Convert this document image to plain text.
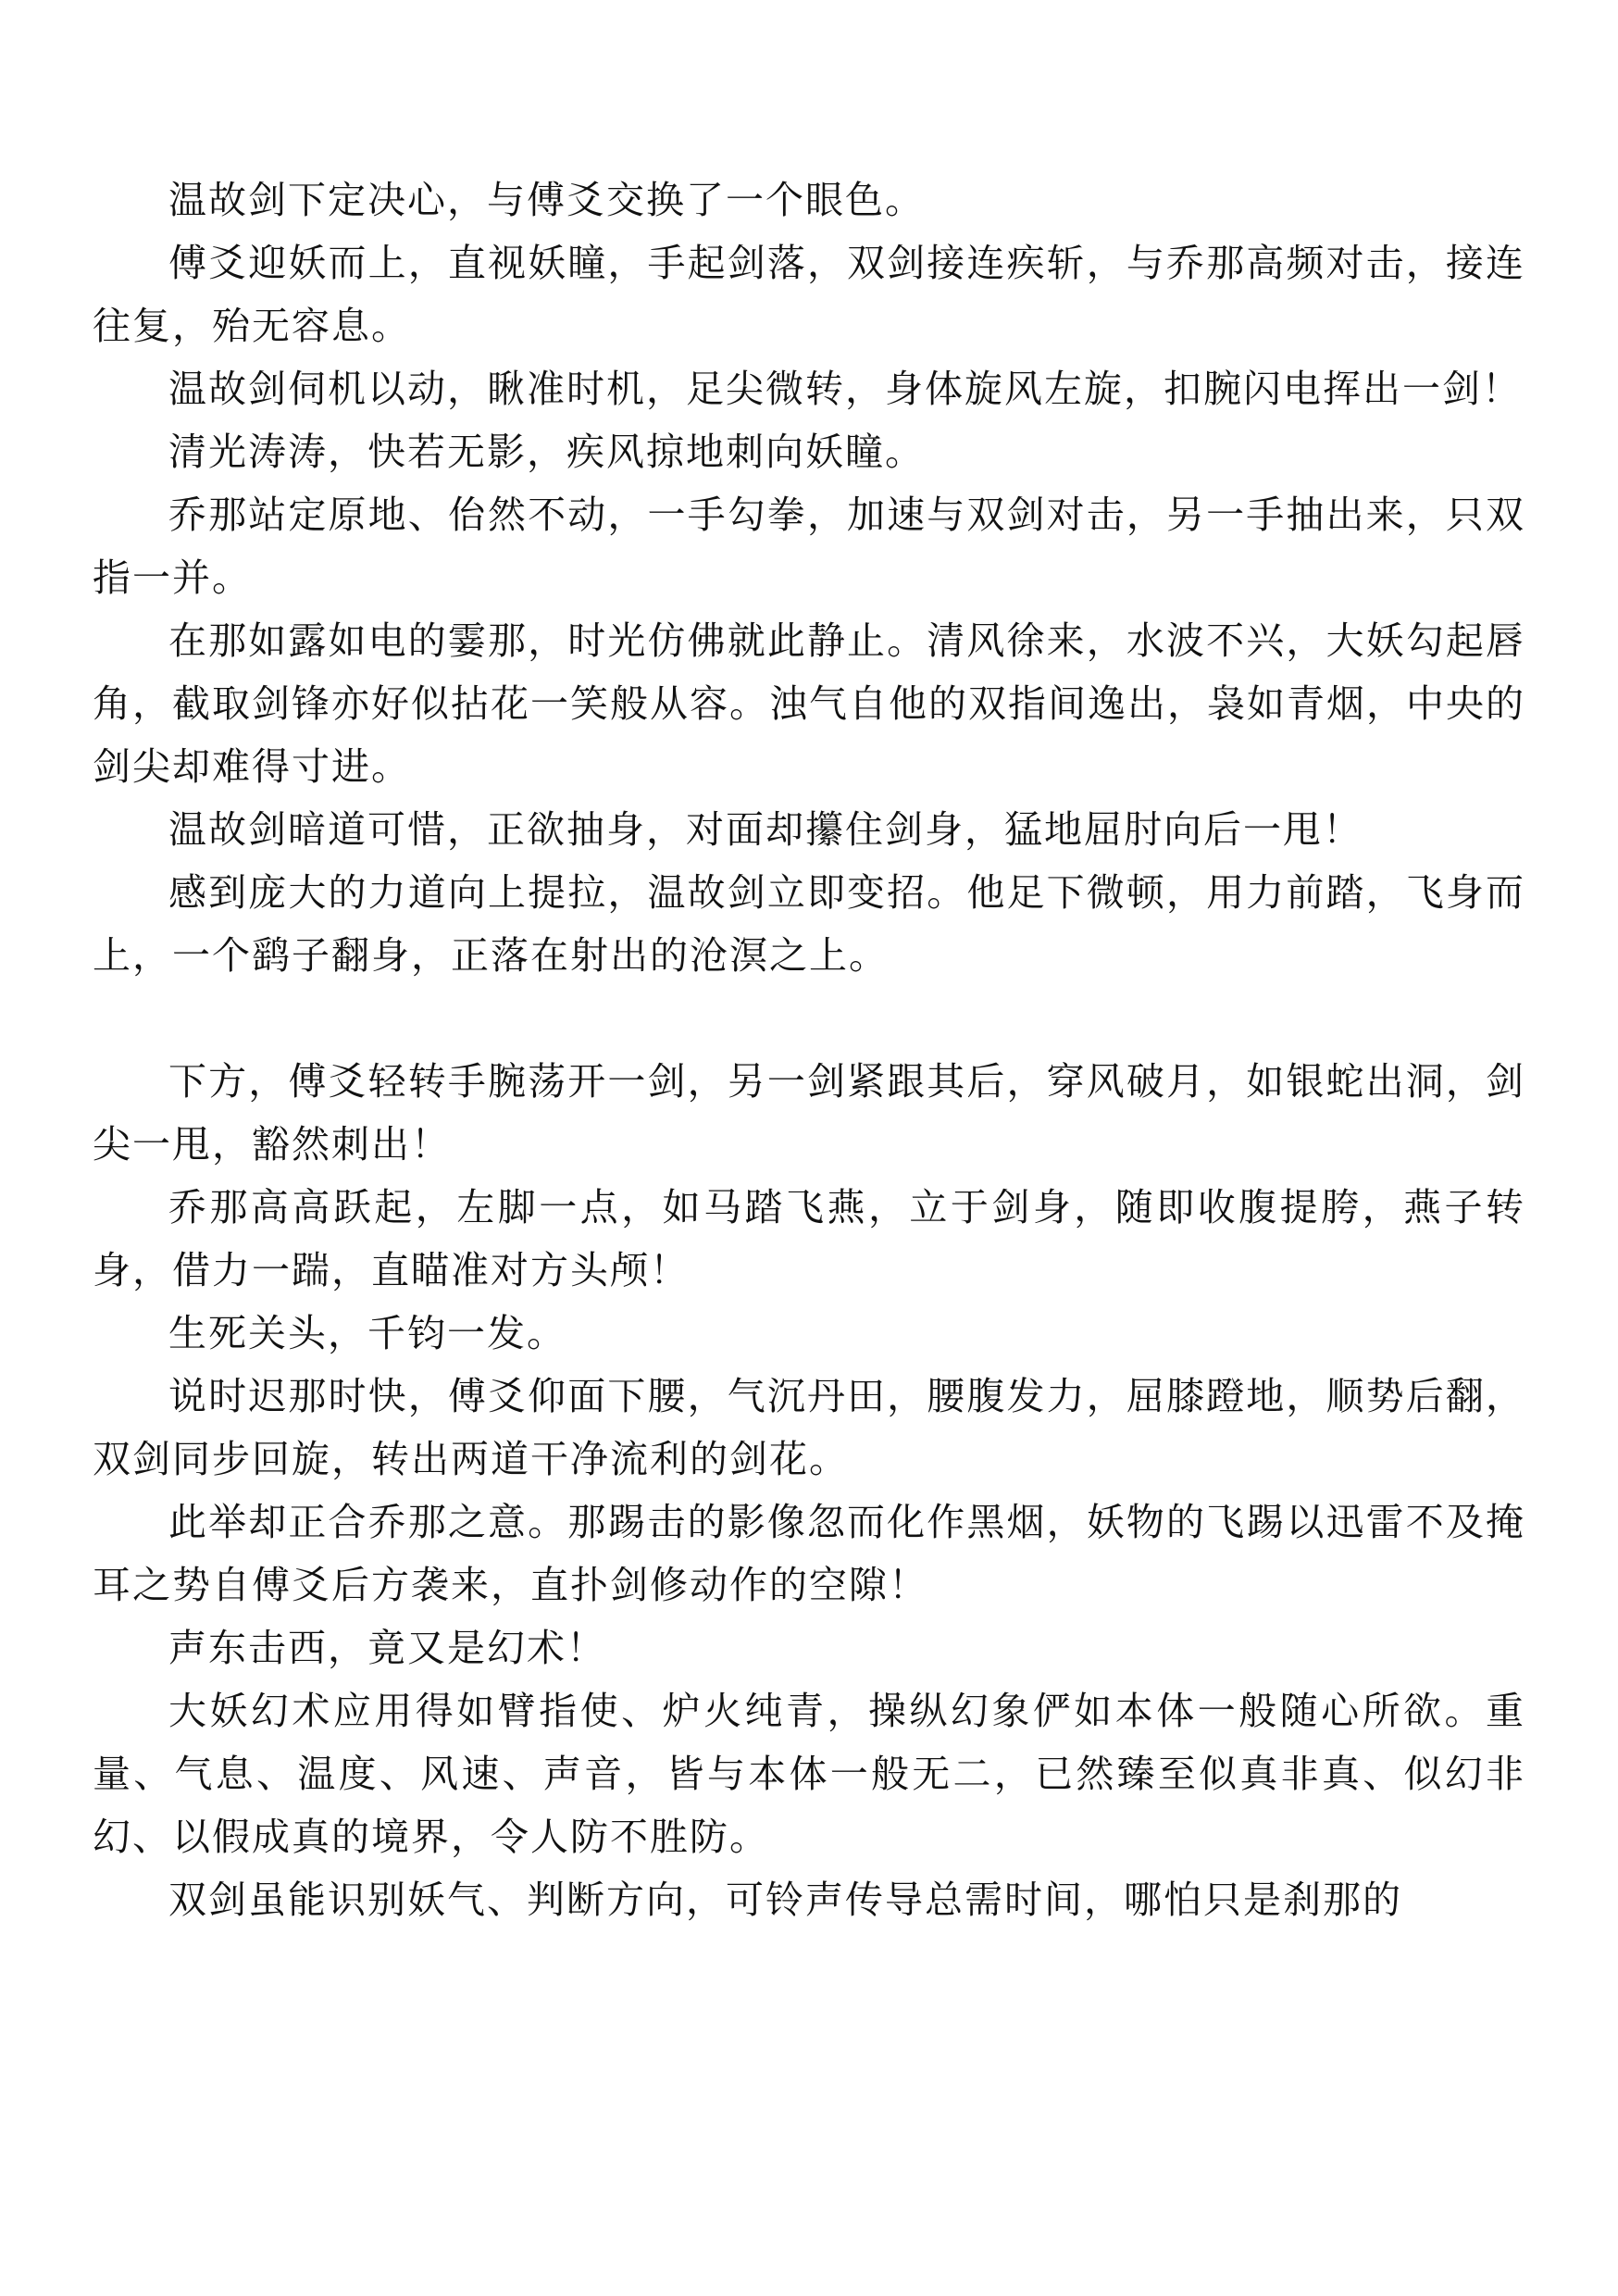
温故剑下定决心，与傅爻交换了一个眼色。

傅爻迎妖而上，直视妖瞳，手起剑落，双剑接连疾斩，与乔那高频对击，接连往复，殆无容息。

温故剑伺机以动，瞅准时机，足尖微转，身体旋风左旋，扣腕闪电挥出一剑！

清光涛涛，快若无影，疾风掠地刺向妖瞳。

乔那站定原地、佁然不动，一手勾拳，加速与双剑对击，另一手抽出来，只双指一并。

在那如露如电的霎那，时光仿佛就此静止。清风徐来，水波不兴，大妖勾起唇角，截取剑锋亦好似拈花一笑般从容。浊气自他的双指间逸出，袅如青烟，中央的剑尖却难得寸进。

温故剑暗道可惜，正欲抽身，对面却攥住剑身，猛地屈肘向后一甩！

感到庞大的力道向上提拉，温故剑立即变招。他足下微顿，用力前踏，飞身而上，一个鹞子翻身，正落在射出的沧溟之上。

下方，傅爻轻转手腕荡开一剑，另一剑紧跟其后，穿风破月，如银蛇出洞，剑尖一甩，豁然刺出！

乔那高高跃起，左脚一点，如马踏飞燕，立于剑身，随即收腹提胯，燕子转身，借力一踹，直瞄准对方头颅！

生死关头，千钧一发。

说时迟那时快，傅爻仰面下腰，气沉丹田，腰腹发力，屈膝蹬地，顺势后翻，双剑同步回旋，转出两道干净流利的剑花。

此举却正合乔那之意。那踢击的影像忽而化作黑烟，妖物的飞踢以迅雷不及掩耳之势自傅爻后方袭来，直扑剑修动作的空隙！

声东击西，竟又是幻术！

大妖幻术应用得如臂指使、炉火纯青，操纵幻象俨如本体一般随心所欲。重量、气息、温度、风速、声音，皆与本体一般无二，已然臻至似真非真、似幻非幻、以假成真的境界，令人防不胜防。

双剑虽能识别妖气、判断方向，可铃声传导总需时间，哪怕只是刹那的
